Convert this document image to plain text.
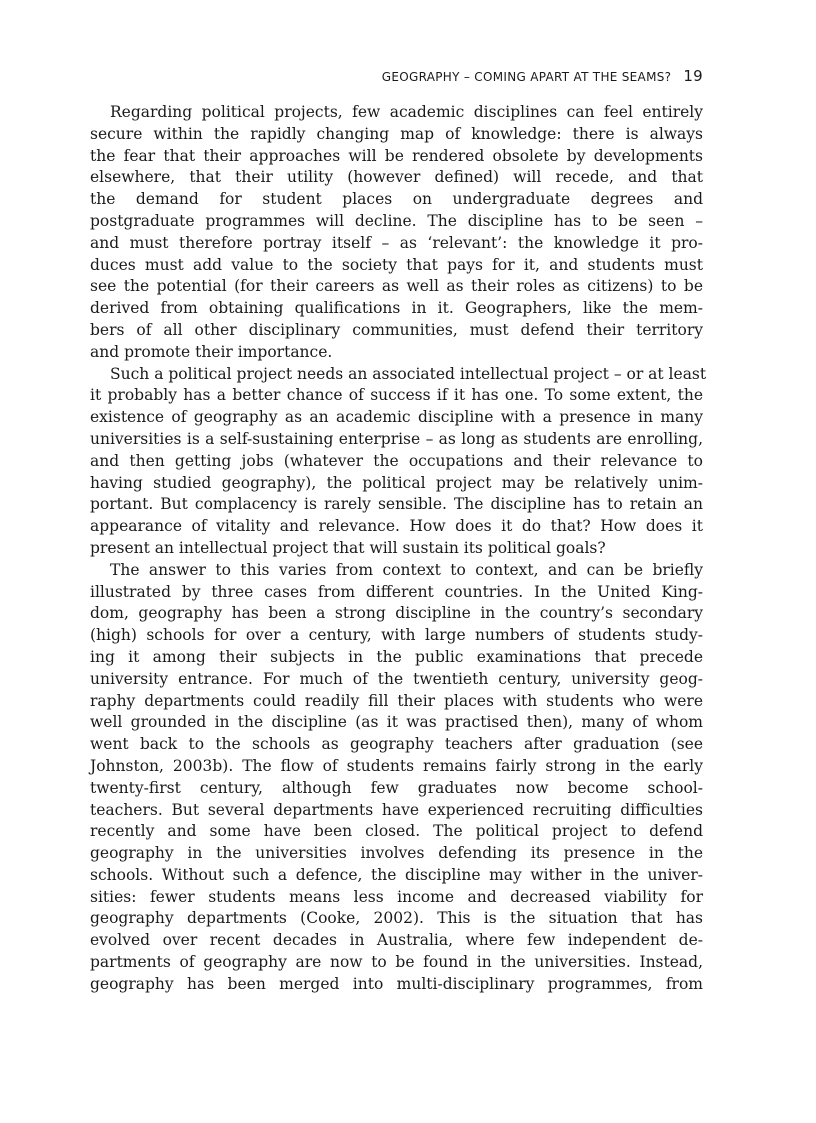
GEOGRAPHY – COMING APART AT THE SEAMS? 19
Regarding political projects, few academic disciplines can feel entirely
secure within the rapidly changing map of knowledge: there is always
the fear that their approaches will be rendered obsolete by developments
elsewhere, that their utility (however defined) will recede, and that
the demand for student places on undergraduate degrees and
postgraduate programmes will decline. The discipline has to be seen –
and must therefore portray itself – as ‘relevant’: the knowledge it pro-
duces must add value to the society that pays for it, and students must
see the potential (for their careers as well as their roles as citizens) to be
derived from obtaining qualifications in it. Geographers, like the mem-
bers of all other disciplinary communities, must defend their territory
and promote their importance.
Such a political project needs an associated intellectual project – or at least
it probably has a better chance of success if it has one. To some extent, the
existence of geography as an academic discipline with a presence in many
universities is a self-sustaining enterprise – as long as students are enrolling,
and then getting jobs (whatever the occupations and their relevance to
having studied geography), the political project may be relatively unim-
portant. But complacency is rarely sensible. The discipline has to retain an
appearance of vitality and relevance. How does it do that? How does it
present an intellectual project that will sustain its political goals?
The answer to this varies from context to context, and can be briefly
illustrated by three cases from different countries. In the United King-
dom, geography has been a strong discipline in the country’s secondary
(high) schools for over a century, with large numbers of students study-
ing it among their subjects in the public examinations that precede
university entrance. For much of the twentieth century, university geog-
raphy departments could readily fill their places with students who were
well grounded in the discipline (as it was practised then), many of whom
went back to the schools as geography teachers after graduation (see
Johnston, 2003b). The flow of students remains fairly strong in the early
twenty-first century, although few graduates now become school-
teachers. But several departments have experienced recruiting difficulties
recently and some have been closed. The political project to defend
geography in the universities involves defending its presence in the
schools. Without such a defence, the discipline may wither in the univer-
sities: fewer students means less income and decreased viability for
geography departments (Cooke, 2002). This is the situation that has
evolved over recent decades in Australia, where few independent de-
partments of geography are now to be found in the universities. Instead,
geography has been merged into multi-disciplinary programmes, from
